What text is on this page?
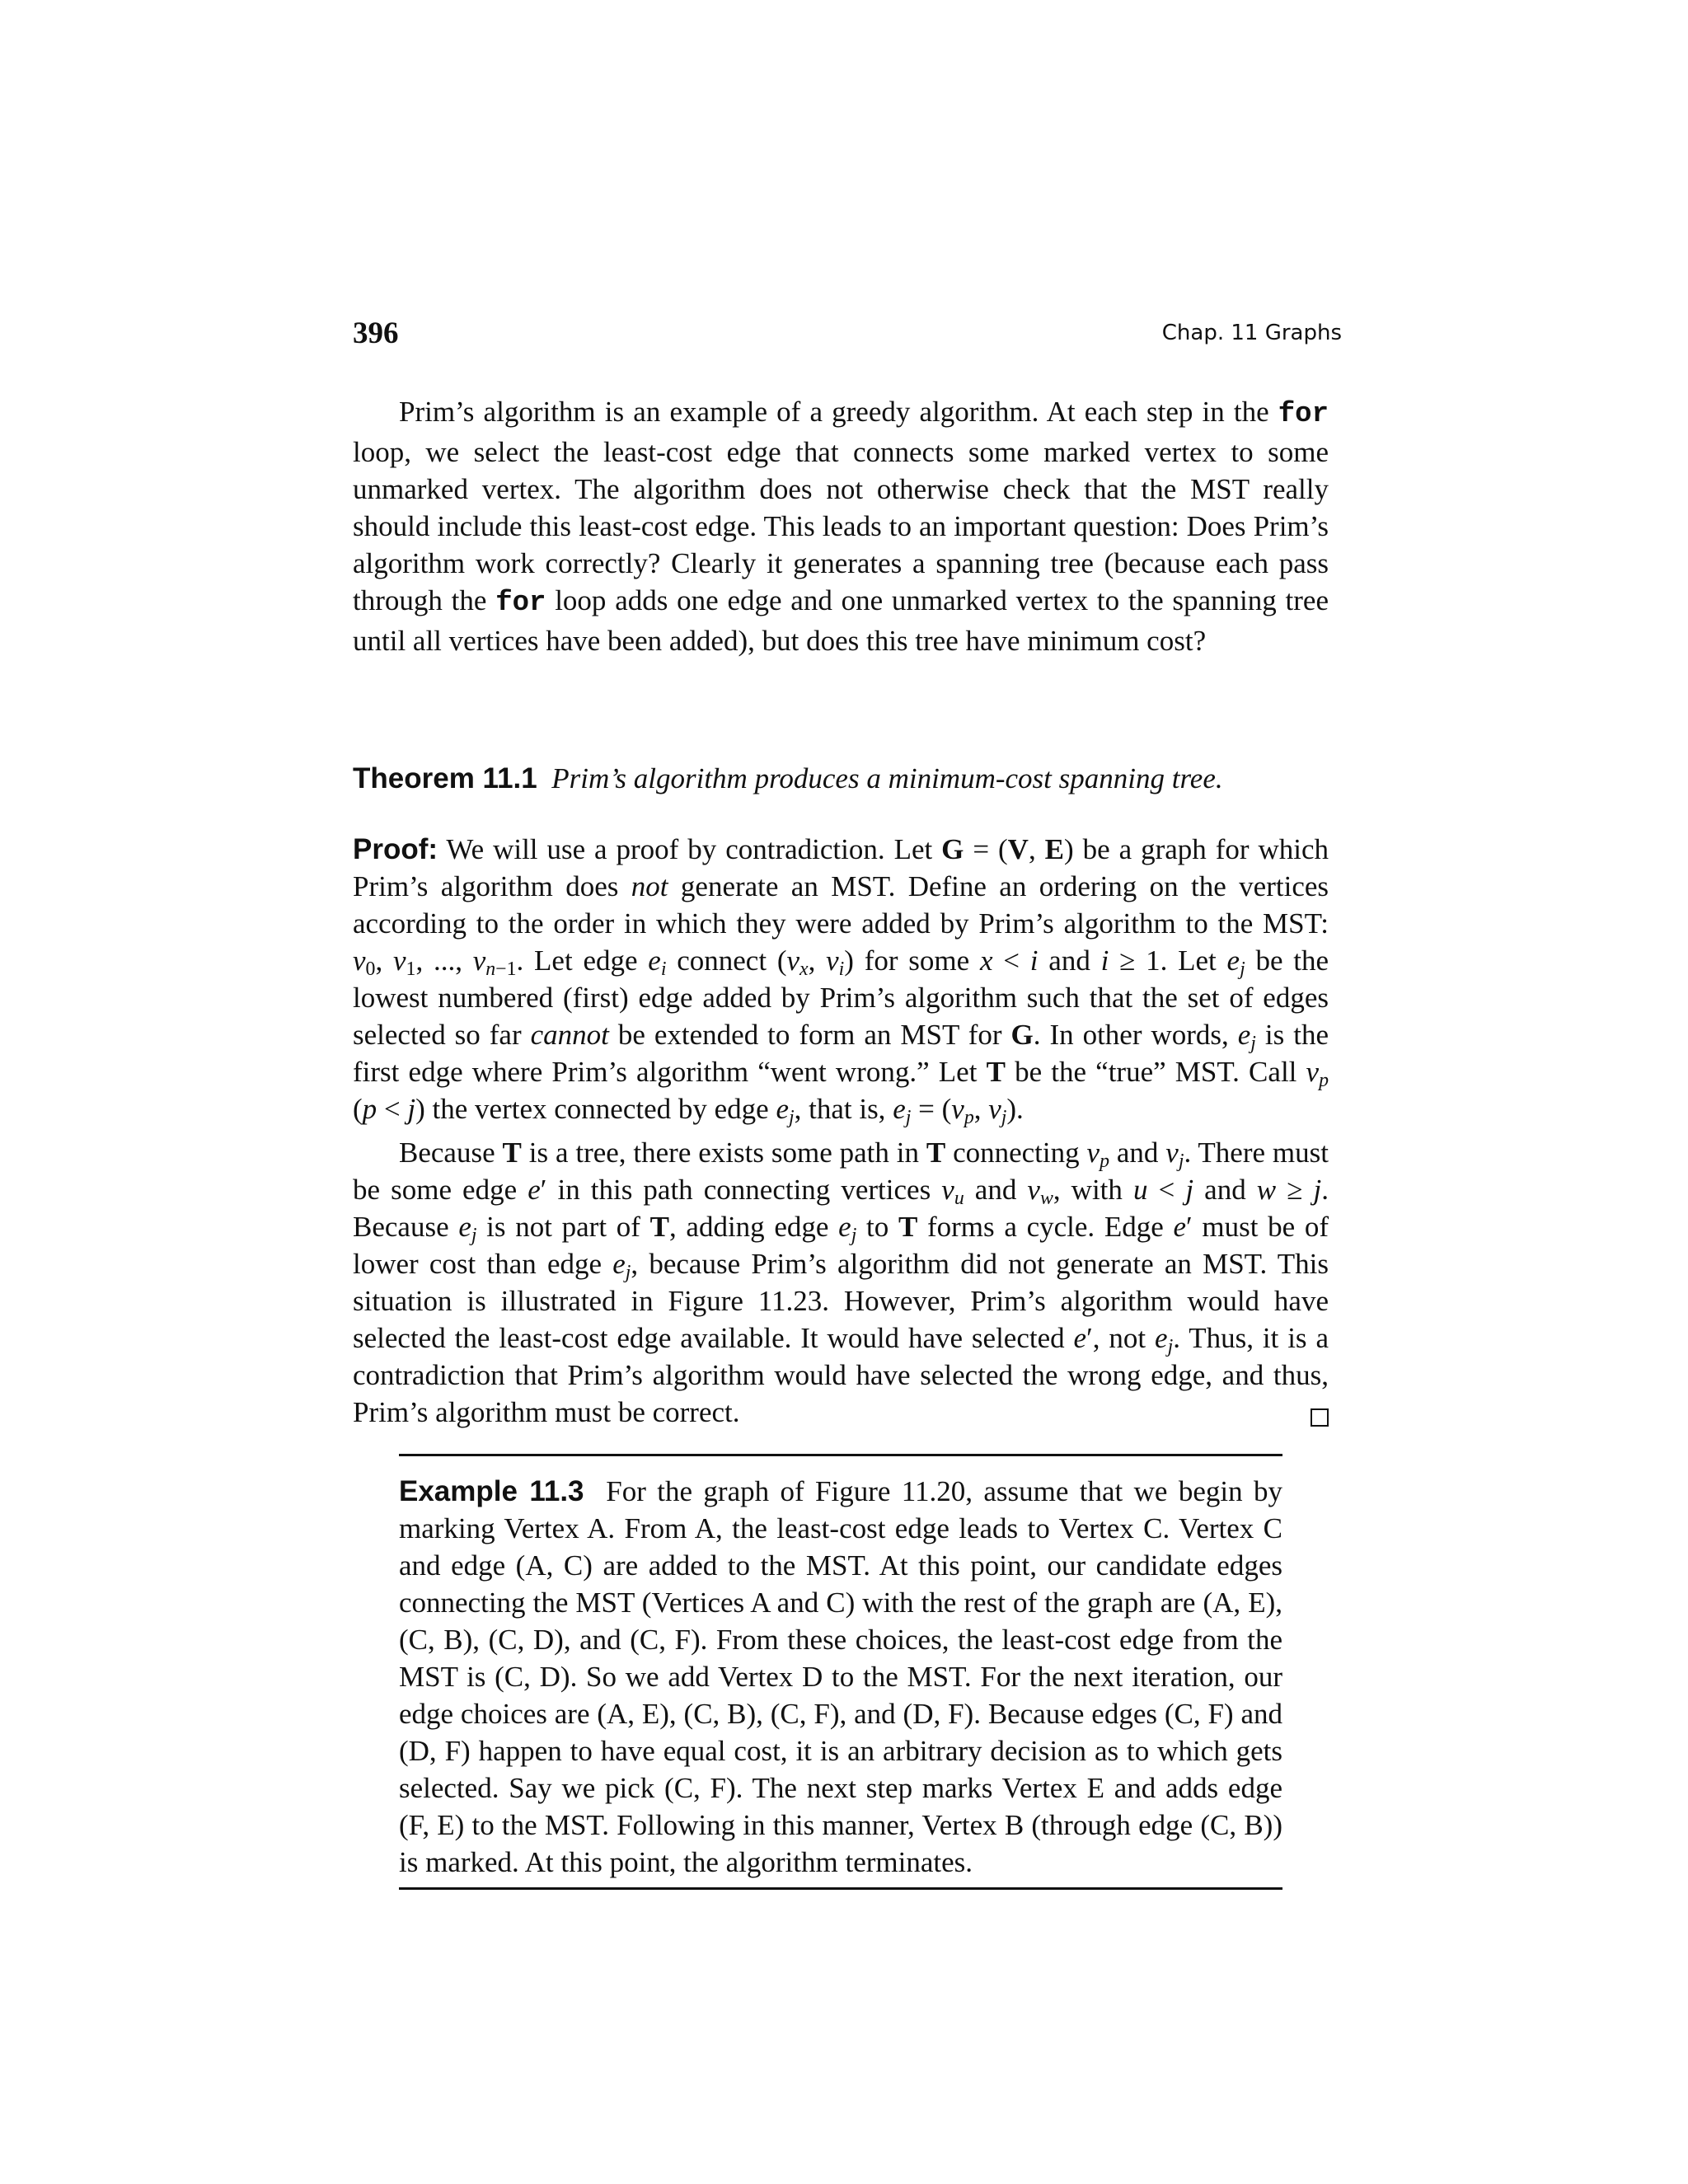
396	Chap. 11 Graphs

Prim’s algorithm is an example of a greedy algorithm. At each step in the for loop, we select the least-cost edge that connects some marked vertex to some unmarked vertex. The algorithm does not otherwise check that the MST really should include this least-cost edge. This leads to an important question: Does Prim’s algorithm work correctly? Clearly it generates a spanning tree (because each pass through the for loop adds one edge and one unmarked vertex to the spanning tree until all vertices have been added), but does this tree have minimum cost?

Theorem 11.1 Prim’s algorithm produces a minimum-cost spanning tree.

Proof: We will use a proof by contradiction. Let G = (V, E) be a graph for which Prim’s algorithm does not generate an MST. Define an ordering on the vertices according to the order in which they were added by Prim’s algorithm to the MST: $v_0$, $v_1$, ..., $v_{n-1}$. Let edge $e_i$ connect ($v_x$, $v_i$) for some x < i and i ≥ 1. Let $e_j$ be the lowest numbered (first) edge added by Prim’s algorithm such that the set of edges selected so far cannot be extended to form an MST for G. In other words, $e_j$ is the first edge where Prim’s algorithm “went wrong.” Let T be the “true” MST. Call $v_p$ (p < j) the vertex connected by edge $e_j$, that is, $e_j = (v_p$, $v_j$).

Because T is a tree, there exists some path in T connecting $v_p$ and $v_j$. There must be some edge e′ in this path connecting vertices $v_u$ and $v_w$, with u < j and w ≥ j. Because $e_j$ is not part of T, adding edge $e_j$ to T forms a cycle. Edge e′ must be of lower cost than edge $e_j$, because Prim’s algorithm did not generate an MST. This situation is illustrated in Figure 11.23. However, Prim’s algorithm would have selected the least-cost edge available. It would have selected e′, not $e_j$. Thus, it is a contradiction that Prim’s algorithm would have selected the wrong edge, and thus, Prim’s algorithm must be correct.

Example 11.3 For the graph of Figure 11.20, assume that we begin by marking Vertex A. From A, the least-cost edge leads to Vertex C. Vertex C and edge (A, C) are added to the MST. At this point, our candidate edges connecting the MST (Vertices A and C) with the rest of the graph are (A, E), (C, B), (C, D), and (C, F). From these choices, the least-cost edge from the MST is (C, D). So we add Vertex D to the MST. For the next iteration, our edge choices are (A, E), (C, B), (C, F), and (D, F). Because edges (C, F) and (D, F) happen to have equal cost, it is an arbitrary decision as to which gets selected. Say we pick (C, F). The next step marks Vertex E and adds edge (F, E) to the MST. Following in this manner, Vertex B (through edge (C, B)) is marked. At this point, the algorithm terminates.
